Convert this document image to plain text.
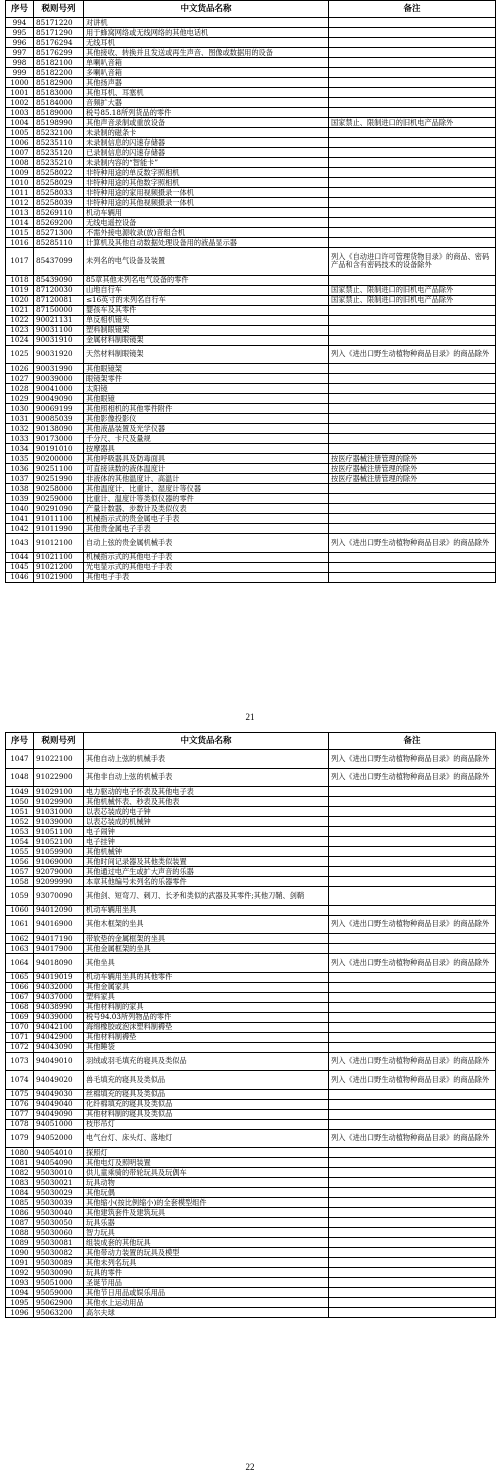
序号	税则号列	中文货品名称	备注
994	85171220	对讲机	
995	85171290	用于蜂窝网络或无线网络的其他电话机	
996	85176294	无线耳机	
997	85176299	其他接收、转换并且发送或再生声音、图像或数据用的设备	
998	85182100	单喇叭音箱	
999	85182200	多喇叭音箱	
1000	85182900	其他扬声器	
1001	85183000	其他耳机、耳塞机	
1002	85184000	音频扩大器	
1003	85189000	税号85.18所列货品的零件	
1004	85198990	其他声音录制或重放设备	国家禁止、限制进口的旧机电产品除外
1005	85232100	未录制的磁条卡	
1006	85235110	未录制信息的闪速存储器	
1007	85235120	已录制信息的闪速存储器	
1008	85235210	未录制内容的“智能卡”	
1009	85258022	非特种用途的单反数字照相机	
1010	85258029	非特种用途的其他数字照相机	
1011	85258033	非特种用途的家用视频摄录一体机	
1012	85258039	非特种用途的其他视频摄录一体机	
1013	85269110	机动车辆用	
1014	85269200	无线电遥控设备	
1015	85271300	不需外接电源收录(放)音组合机	
1016	85285110	计算机及其他自动数据处理设备用的液晶显示器	
1017	85437099	未列名的电气设备及装置	列入《自动进口许可管理货物目录》的商品、密码产品和含有密码技术的设备除外
1018	85439090	85章其他未列名电气设备的零件	
1019	87120030	山地自行车	国家禁止、限制进口的旧机电产品除外
1020	87120081	≤16英寸的未列名自行车	国家禁止、限制进口的旧机电产品除外
1021	87150000	婴孩车及其零件	
1022	90021131	单反相机镜头	
1023	90031100	塑料制眼镜架	
1024	90031910	金属材料制眼镜架	
1025	90031920	天然材料制眼镜架	列入《进出口野生动植物种商品目录》的商品除外
1026	90031990	其他眼镜架	
1027	90039000	眼镜架零件	
1028	90041000	太阳镜	
1029	90049090	其他眼镜	
1030	90069199	其他照相机的其他零件附件	
1031	90085039	其他影像投影仪	
1032	90138090	其他液晶装置及光学仪器	
1033	90173000	千分尺、卡尺及量规	
1034	90191010	按摩器具	
1035	90200000	其他呼吸器具及防毒面具	按医疗器械注册管理的除外
1036	90251100	可直接读数的液体温度计	按医疗器械注册管理的除外
1037	90251990	非液体的其他温度计、高温计	按医疗器械注册管理的除外
1038	90258000	其他温度计、比重计、湿度计等仪器	
1039	90259000	比重计、温度计等类似仪器的零件	
1040	90291090	产量计数器、步数计及类似仪表	
1041	91011100	机械指示式的贵金属电子手表	
1042	91011990	其他贵金属电子手表	
1043	91012100	自动上弦的贵金属机械手表	列入《进出口野生动植物种商品目录》的商品除外
1044	91021100	机械指示式的其他电子手表	
1045	91021200	光电显示式的其他电子手表	
1046	91021900	其他电子手表	
21
序号	税则号列	中文货品名称	备注
1047	91022100	其他自动上弦的机械手表	列入《进出口野生动植物种商品目录》的商品除外
1048	91022900	其他非自动上弦的机械手表	列入《进出口野生动植物种商品目录》的商品除外
1049	91029100	电力驱动的电子怀表及其他电子表	
1050	91029900	其他机械怀表、秒表及其他表	
1051	91031000	以表芯装成的电子钟	
1052	91039000	以表芯装成的机械钟	
1053	91051100	电子闹钟	
1054	91052100	电子挂钟	
1055	91059900	其他机械钟	
1056	91069000	其他时间记录器及其他类似装置	
1057	92079000	其他通过电产生或扩大声音的乐器	
1058	92099990	本章其他编号未列名的乐器零件	
1059	93070090	其他剑、短弯刀、刺刀、长矛和类似的武器及其零件;其他刀鞘、剑鞘	
1060	94012090	机动车辆用坐具	
1061	94016900	其他木框架的坐具	列入《进出口野生动植物种商品目录》的商品除外
1062	94017190	带软垫的金属框架的坐具	
1063	94017900	其他金属框架的坐具	
1064	94018090	其他坐具	列入《进出口野生动植物种商品目录》的商品除外
1065	94019019	机动车辆用坐具的其他零件	
1066	94032000	其他金属家具	
1067	94037000	塑料家具	
1068	94038990	其他材料制的家具	
1069	94039000	税号94.03所列物品的零件	
1070	94042100	海绵橡胶或泡沫塑料制褥垫	
1071	94042900	其他材料制褥垫	
1072	94043090	其他睡袋	
1073	94049010	羽绒或羽毛填充的寝具及类似品	列入《进出口野生动植物种商品目录》的商品除外
1074	94049020	兽毛填充的寝具及类似品	列入《进出口野生动植物种商品目录》的商品除外
1075	94049030	丝棉填充的寝具及类似品	
1076	94049040	化纤棉填充的寝具及类似品	
1077	94049090	其他材料制的寝具及类似品	
1078	94051000	枝形吊灯	
1079	94052000	电气台灯、床头灯、落地灯	列入《进出口野生动植物种商品目录》的商品除外
1080	94054010	探照灯	
1081	94054090	其他电灯及照明装置	
1082	95030010	供儿童乘骑的带轮玩具及玩偶车	
1083	95030021	玩具动物	
1084	95030029	其他玩偶	
1085	95030039	其他缩小(按比例缩小)的全套模型组件	
1086	95030040	其他建筑套件及建筑玩具	
1087	95030050	玩具乐器	
1088	95030060	智力玩具	
1089	95030081	组装成套的其他玩具	
1090	95030082	其他带动力装置的玩具及模型	
1091	95030089	其他未列名玩具	
1092	95030090	玩具的零件	
1093	95051000	圣诞节用品	
1094	95059000	其他节日用品或娱乐用品	
1095	95062900	其他水上运动用品	
1096	95063200	高尔夫球	
22
